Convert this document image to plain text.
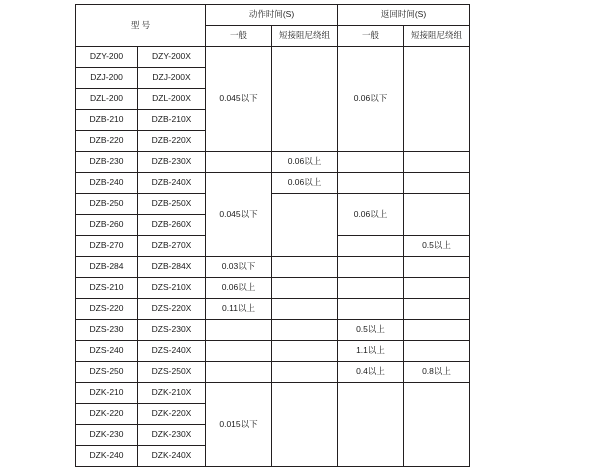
型 号		动作时间(S)		返回时间(S)	
		一般	短接阻尼绕组	一般	短接阻尼绕组
DZY-200	DZY-200X	0.045以下		0.06以下	
DZJ-200	DZJ-200X				
DZL-200	DZL-200X				
DZB-210	DZB-210X				
DZB-220	DZB-220X				
DZB-230	DZB-230X		0.06以上		
DZB-240	DZB-240X	0.045以下	0.06以上		
DZB-250	DZB-250X			0.06以上	
DZB-260	DZB-260X				
DZB-270	DZB-270X				0.5以上
DZB-284	DZB-284X	0.03以下			
DZS-210	DZS-210X	0.06以上			
DZS-220	DZS-220X	0.11以上			
DZS-230	DZS-230X			0.5以上	
DZS-240	DZS-240X			1.1以上	
DZS-250	DZS-250X			0.4以上	0.8以上
DZK-210	DZK-210X	0.015以下			
DZK-220	DZK-220X				
DZK-230	DZK-230X				
DZK-240	DZK-240X				
